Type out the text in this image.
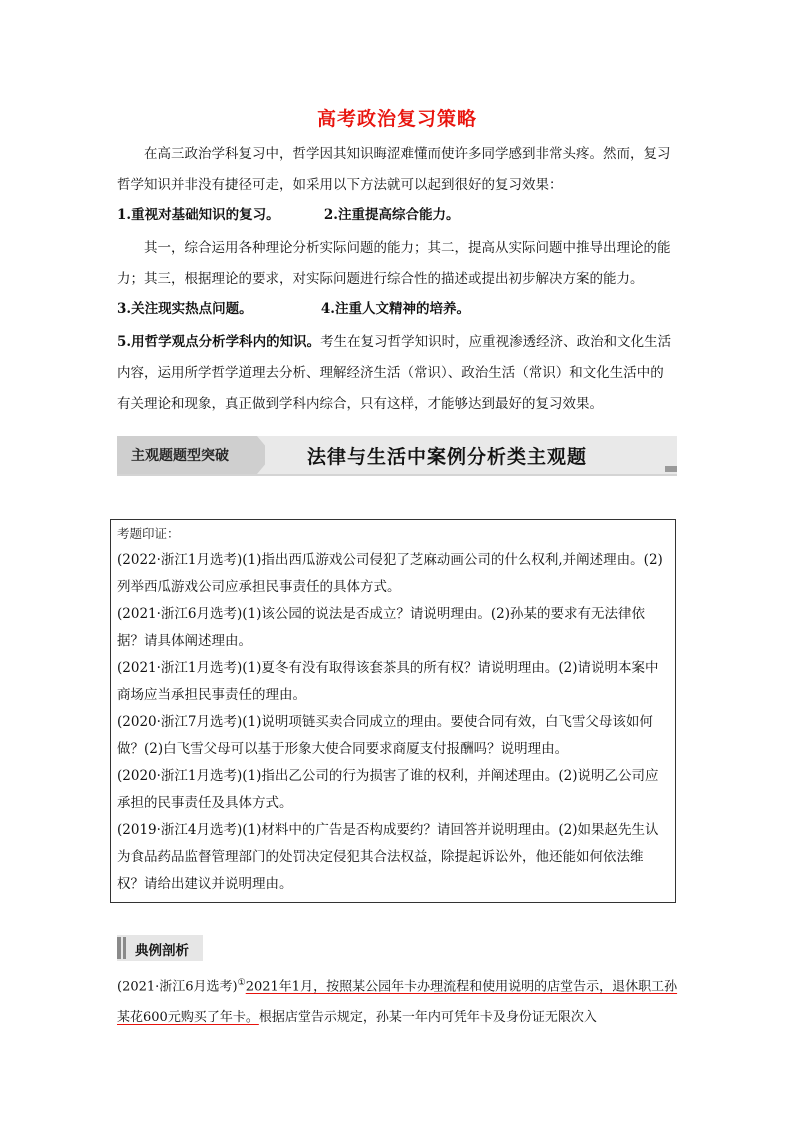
高考政治复习策略
在高三政治学科复习中，哲学因其知识晦涩难懂而使许多同学感到非常头疼。然而，复习哲学知识并非没有捷径可走，如采用以下方法就可以起到很好的复习效果：
1.重视对基础知识的复习。	2.注重提高综合能力。
其一，综合运用各种理论分析实际问题的能力；其二，提高从实际问题中推导出理论的能力；其三，根据理论的要求，对实际问题进行综合性的描述或提出初步解决方案的能力。
3.关注现实热点问题。	4.注重人文精神的培养。
5.用哲学观点分析学科内的知识。考生在复习哲学知识时，应重视渗透经济、政治和文化生活内容，运用所学哲学道理去分析、理解经济生活（常识）、政治生活（常识）和文化生活中的有关理论和现象，真正做到学科内综合，只有这样，才能够达到最好的复习效果。
主观题题型突破	法律与生活中案例分析类主观题
考题印证：
(2022·浙江1月选考)(1)指出西瓜游戏公司侵犯了芝麻动画公司的什么权利,并阐述理由。(2)列举西瓜游戏公司应承担民事责任的具体方式。
(2021·浙江6月选考)(1)该公园的说法是否成立？请说明理由。(2)孙某的要求有无法律依据？请具体阐述理由。
(2021·浙江1月选考)(1)夏冬有没有取得该套茶具的所有权？请说明理由。(2)请说明本案中商场应当承担民事责任的理由。
(2020·浙江7月选考)(1)说明项链买卖合同成立的理由。要使合同有效，白飞雪父母该如何做？(2)白飞雪父母可以基于形象大使合同要求商厦支付报酬吗？说明理由。
(2020·浙江1月选考)(1)指出乙公司的行为损害了谁的权利，并阐述理由。(2)说明乙公司应承担的民事责任及具体方式。
(2019·浙江4月选考)(1)材料中的广告是否构成要约？请回答并说明理由。(2)如果赵先生认为食品药品监督管理部门的处罚决定侵犯其合法权益，除提起诉讼外，他还能如何依法维权？请给出建议并说明理由。
典例剖析
(2021·浙江6月选考)①2021年1月，按照某公园年卡办理流程和使用说明的店堂告示，退休职工孙某花600元购买了年卡。根据店堂告示规定，孙某一年内可凭年卡及身份证无限次入
